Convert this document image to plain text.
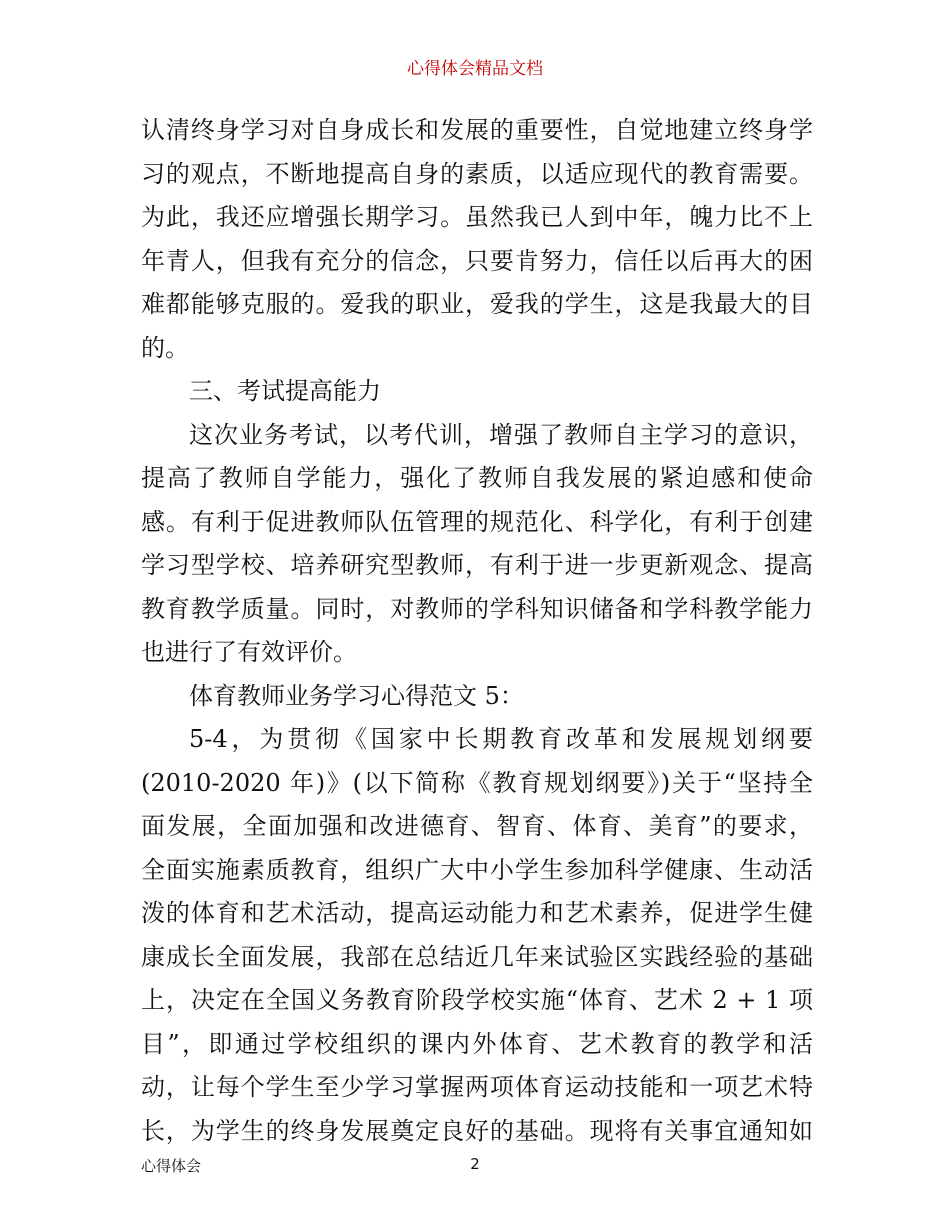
心得体会精品文档
认清终身学习对自身成长和发展的重要性，自觉地建立终身学
习的观点，不断地提高自身的素质，以适应现代的教育需要。
为此，我还应增强长期学习。虽然我已人到中年，魄力比不上
年青人，但我有充分的信念，只要肯努力，信任以后再大的困
难都能够克服的。爱我的职业，爱我的学生，这是我最大的目
的。
三、考试提高能力
这次业务考试，以考代训，增强了教师自主学习的意识，
提高了教师自学能力，强化了教师自我发展的紧迫感和使命
感。有利于促进教师队伍管理的规范化、科学化，有利于创建
学习型学校、培养研究型教师，有利于进一步更新观念、提高
教育教学质量。同时，对教师的学科知识储备和学科教学能力
也进行了有效评价。
体育教师业务学习心得范文 5：
5-4，为贯彻《国家中长期教育改革和发展规划纲要
(2010-2020 年)》(以下简称《教育规划纲要》)关于“坚持全
面发展，全面加强和改进德育、智育、体育、美育”的要求，
全面实施素质教育，组织广大中小学生参加科学健康、生动活
泼的体育和艺术活动，提高运动能力和艺术素养，促进学生健
康成长全面发展，我部在总结近几年来试验区实践经验的基础
上，决定在全国义务教育阶段学校实施“体育、艺术 2 + 1 项
目”，即通过学校组织的课内外体育、艺术教育的教学和活
动，让每个学生至少学习掌握两项体育运动技能和一项艺术特
长，为学生的终身发展奠定良好的基础。现将有关事宜通知如
心得体会	2
